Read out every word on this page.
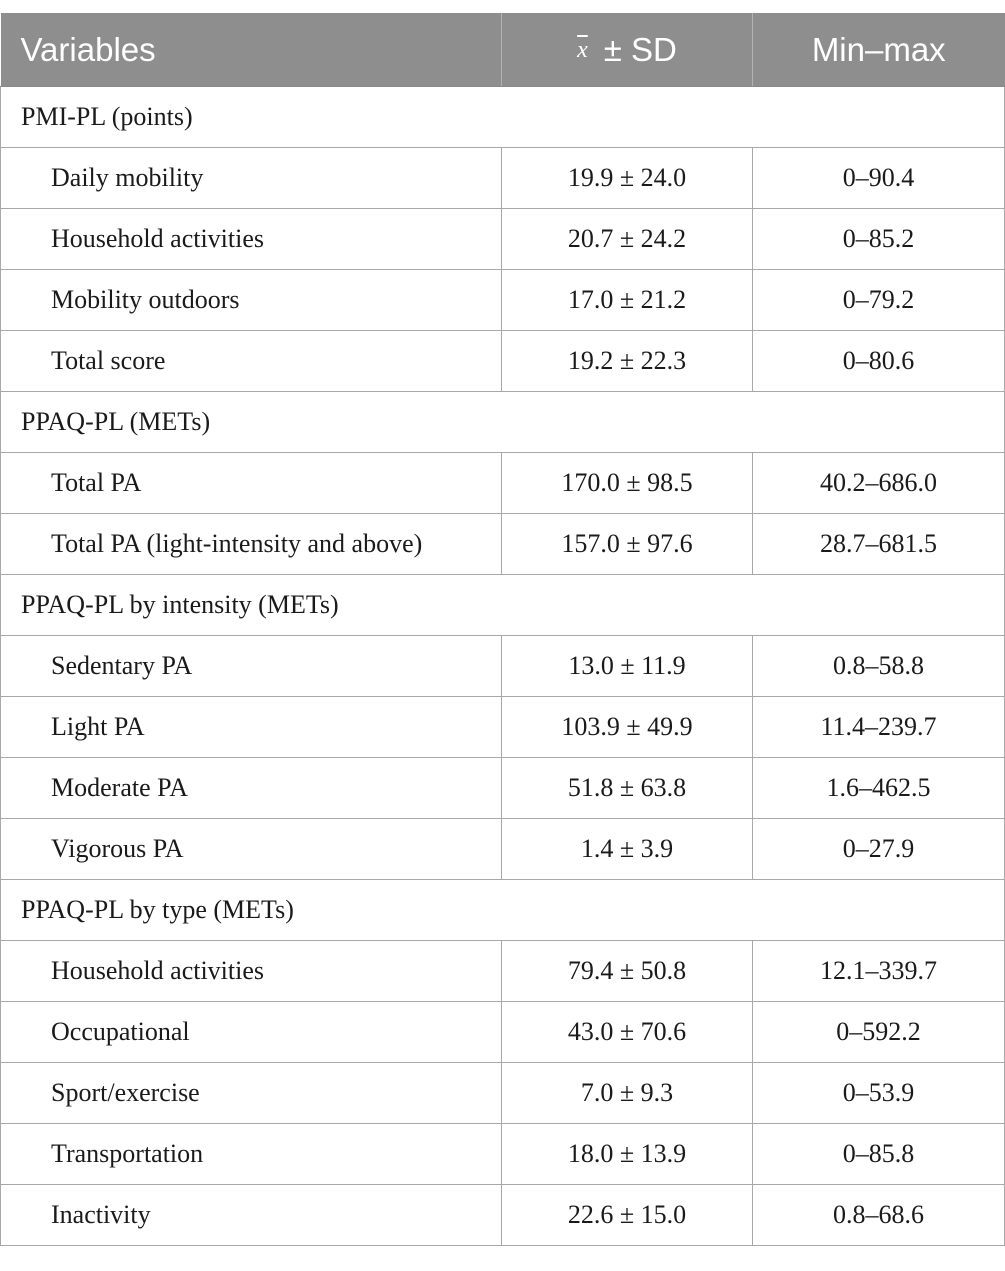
Variables	$\overline{x}$ ± SD	Min–max
PMI-PL (points)		
Daily mobility	19.9 ± 24.0	0–90.4
Household activities	20.7 ± 24.2	0–85.2
Mobility outdoors	17.0 ± 21.2	0–79.2
Total score	19.2 ± 22.3	0–80.6
PPAQ-PL (METs)		
Total PA	170.0 ± 98.5	40.2–686.0
Total PA (light-intensity and above)	157.0 ± 97.6	28.7–681.5
PPAQ-PL by intensity (METs)		
Sedentary PA	13.0 ± 11.9	0.8–58.8
Light PA	103.9 ± 49.9	11.4–239.7
Moderate PA	51.8 ± 63.8	1.6–462.5
Vigorous PA	1.4 ± 3.9	0–27.9
PPAQ-PL by type (METs)		
Household activities	79.4 ± 50.8	12.1–339.7
Occupational	43.0 ± 70.6	0–592.2
Sport/exercise	7.0 ± 9.3	0–53.9
Transportation	18.0 ± 13.9	0–85.8
Inactivity	22.6 ± 15.0	0.8–68.6
